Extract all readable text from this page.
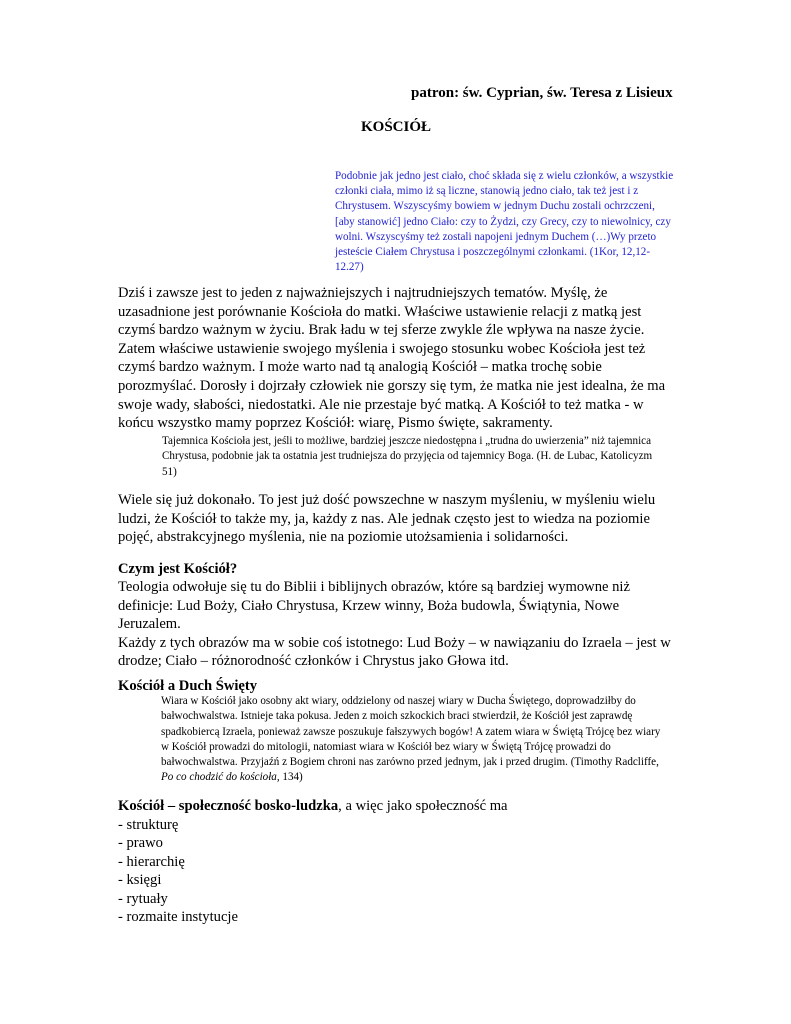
patron: św. Cyprian, św. Teresa z Lisieux
KOŚCIÓŁ
Podobnie jak jedno jest ciało, choć składa się z wielu członków, a wszystkie członki ciała, mimo iż są liczne, stanowią jedno ciało, tak też jest i z Chrystusem. Wszyscyśmy bowiem w jednym Duchu zostali ochrzczeni, [aby stanowić] jedno Ciało: czy to Żydzi, czy Grecy, czy to niewolnicy, czy wolni. Wszyscyśmy też zostali napojeni jednym Duchem (…)Wy przeto jesteście Ciałem Chrystusa i poszczególnymi członkami. (1Kor, 12,12-12.27)
Dziś i zawsze jest to jeden z najważniejszych i najtrudniejszych tematów. Myślę, że uzasadnione jest porównanie Kościoła do matki. Właściwe ustawienie relacji z matką jest czymś bardzo ważnym w życiu. Brak ładu w tej sferze zwykle źle wpływa na nasze życie. Zatem właściwe ustawienie swojego myślenia i swojego stosunku wobec Kościoła jest też czymś bardzo ważnym. I może warto nad tą analogią Kościół – matka trochę sobie porozmyślać. Dorosły i dojrzały człowiek nie gorszy się tym, że matka nie jest idealna, że ma swoje wady, słabości, niedostatki. Ale nie przestaje być matką. A Kościół to też matka - w końcu wszystko mamy poprzez Kościół: wiarę, Pismo święte, sakramenty.
Tajemnica Kościoła jest, jeśli to możliwe, bardziej jeszcze niedostępna i „trudna do uwierzenia” niż tajemnica Chrystusa, podobnie jak ta ostatnia jest trudniejsza do przyjęcia od tajemnicy Boga. (H. de Lubac, Katolicyzm 51)
Wiele się już dokonało. To jest już dość powszechne w naszym myśleniu, w myśleniu wielu ludzi, że Kościół to także my, ja, każdy z nas. Ale jednak często jest to wiedza na poziomie pojęć, abstrakcyjnego myślenia, nie na poziomie utożsamienia i solidarności.
Czym jest Kościół?

Teologia odwołuje się tu do Biblii i biblijnych obrazów, które są bardziej wymowne niż definicje: Lud Boży, Ciało Chrystusa, Krzew winny, Boża budowla, Świątynia, Nowe Jeruzalem.

Każdy z tych obrazów ma w sobie coś istotnego: Lud Boży – w nawiązaniu do Izraela – jest w drodze; Ciało – różnorodność członków i Chrystus jako Głowa itd.

Kościół a Duch Święty
Wiara w Kościół jako osobny akt wiary, oddzielony od naszej wiary w Ducha Świętego, doprowadziłby do bałwochwalstwa. Istnieje taka pokusa. Jeden z moich szkockich braci stwierdził, że Kościół jest zaprawdę spadkobiercą Izraela, ponieważ zawsze poszukuje fałszywych bogów! A zatem wiara w Świętą Trójcę bez wiary w Kościół prowadzi do mitologii, natomiast wiara w Kościół bez wiary w Świętą Trójcę prowadzi do bałwochwalstwa. Przyjaźń z Bogiem chroni nas zarówno przed jednym, jak i przed drugim. (Timothy Radcliffe, Po co chodzić do kościoła, 134)
Kościół – społeczność bosko-ludzka, a więc jako społeczność ma
- strukturę
- prawo
- hierarchię
- księgi
- rytuały
- rozmaite instytucje
